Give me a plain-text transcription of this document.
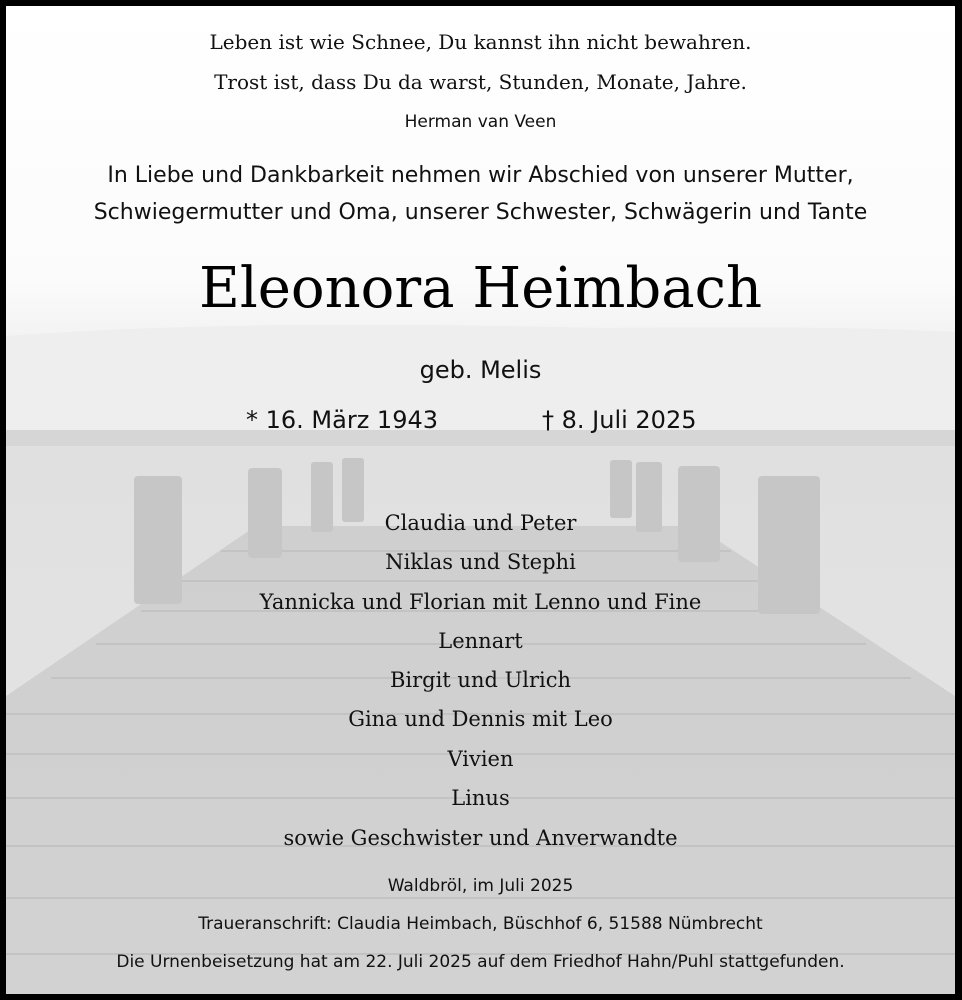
Leben ist wie Schnee, Du kannst ihn nicht bewahren.
Trost ist, dass Du da warst, Stunden, Monate, Jahre.
Herman van Veen
In Liebe und Dankbarkeit nehmen wir Abschied von unserer Mutter,
Schwiegermutter und Oma, unserer Schwester, Schwägerin und Tante
Eleonora Heimbach
geb. Melis
* 16. März 1943	† 8. Juli 2025
Claudia und Peter
Niklas und Stephi
Yannicka und Florian mit Lenno und Fine
Lennart
Birgit und Ulrich
Gina und Dennis mit Leo
Vivien
Linus
sowie Geschwister und Anverwandte
Waldbröl, im Juli 2025
Traueranschrift: Claudia Heimbach, Büschhof 6, 51588 Nümbrecht
Die Urnenbeisetzung hat am 22. Juli 2025 auf dem Friedhof Hahn/Puhl stattgefunden.
